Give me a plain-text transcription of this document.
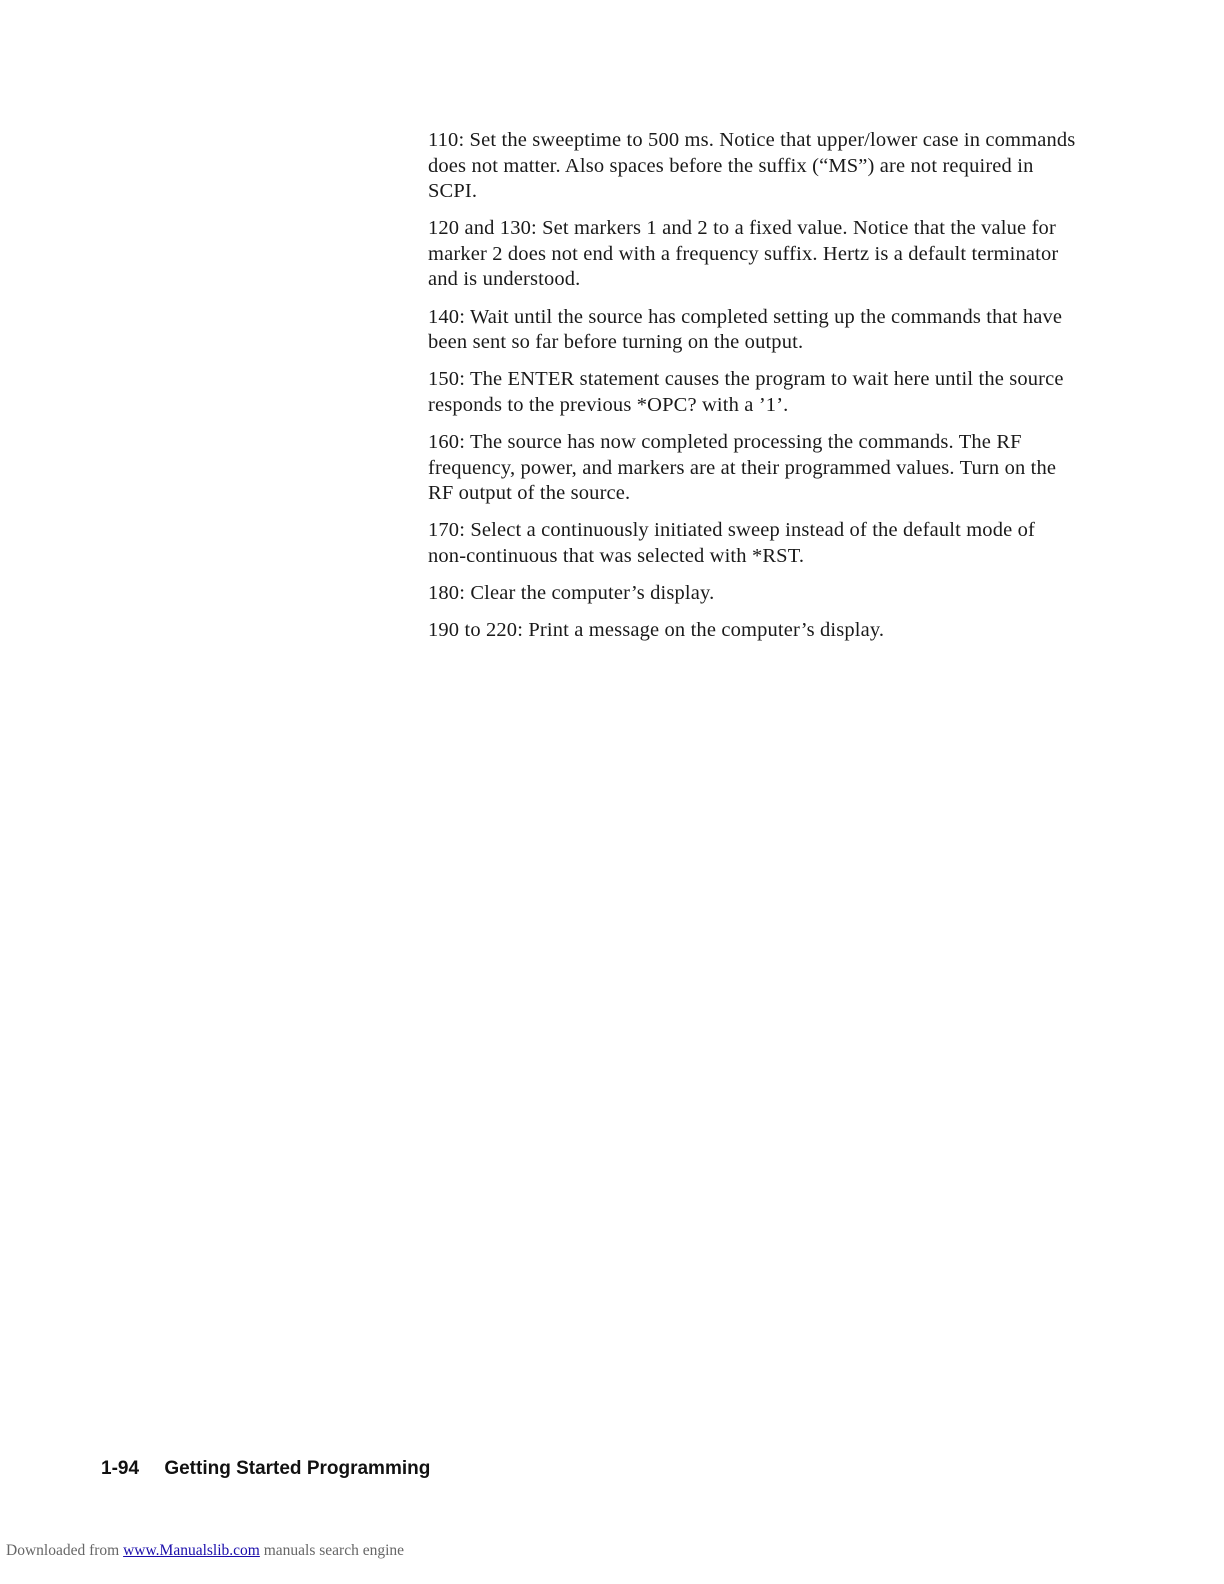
110: Set the sweeptime to 500 ms. Notice that upper/lower case in commands does not matter. Also spaces before the suffix (“MS”) are not required in SCPI.

120 and 130: Set markers 1 and 2 to a fixed value. Notice that the value for marker 2 does not end with a frequency suffix. Hertz is a default terminator and is understood.

140: Wait until the source has completed setting up the commands that have been sent so far before turning on the output.

150: The ENTER statement causes the program to wait here until the source responds to the previous *OPC? with a ’1’.

160: The source has now completed processing the commands. The RF frequency, power, and markers are at their programmed values. Turn on the RF output of the source.

170: Select a continuously initiated sweep instead of the default mode of non-continuous that was selected with *RST.

180: Clear the computer’s display.

190 to 220: Print a message on the computer’s display.

1-94 Getting Started Programming
Downloaded from www.Manualslib.com manuals search engine
